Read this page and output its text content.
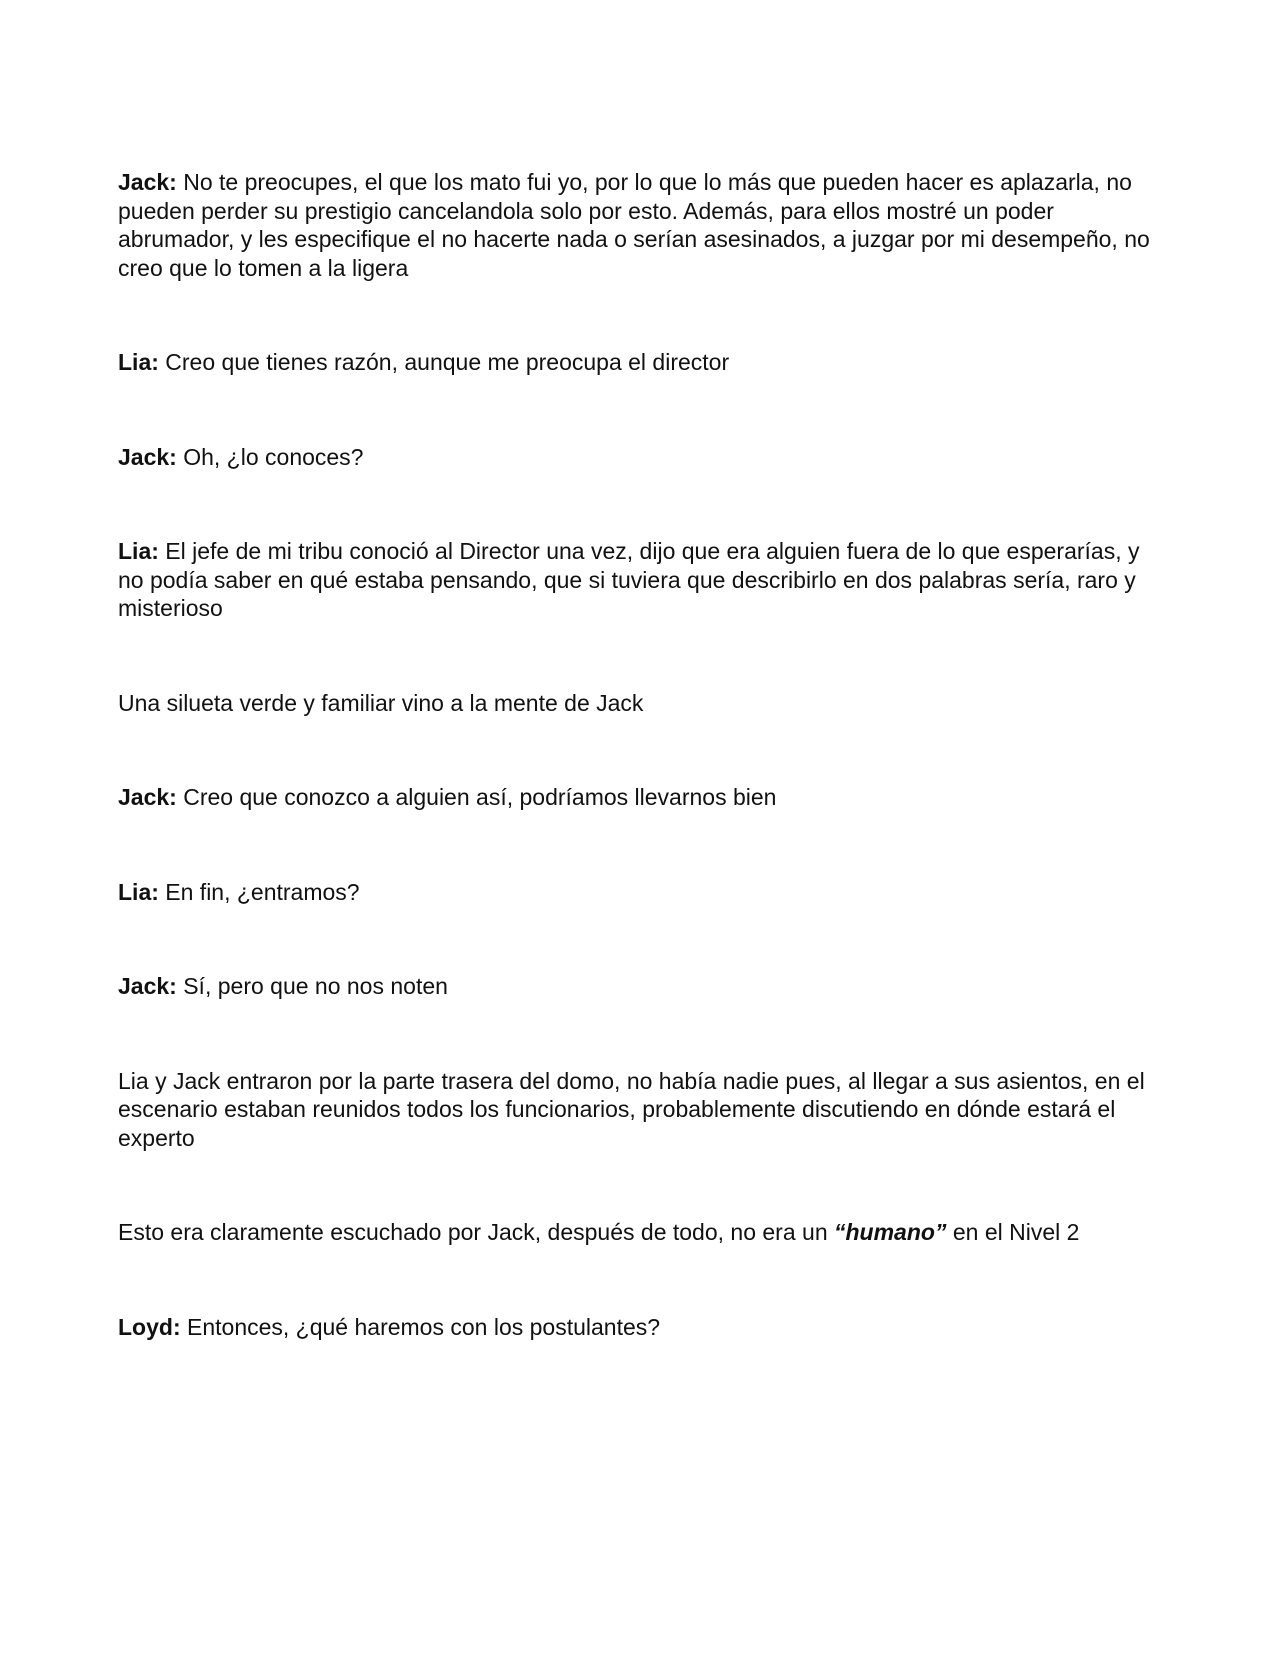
Jack: No te preocupes, el que los mato fui yo, por lo que lo más que pueden hacer es aplazarla, no pueden perder su prestigio cancelandola solo por esto. Además, para ellos mostré un poder abrumador, y les especifique el no hacerte nada o serían asesinados, a juzgar por mi desempeño, no creo que lo tomen a la ligera

Lia: Creo que tienes razón, aunque me preocupa el director

Jack: Oh, ¿lo conoces?

Lia: El jefe de mi tribu conoció al Director una vez, dijo que era alguien fuera de lo que esperarías, y no podía saber en qué estaba pensando, que si tuviera que describirlo en dos palabras sería, raro y misterioso

Una silueta verde y familiar vino a la mente de Jack

Jack: Creo que conozco a alguien así, podríamos llevarnos bien

Lia: En fin, ¿entramos?

Jack: Sí, pero que no nos noten

Lia y Jack entraron por la parte trasera del domo, no había nadie pues, al llegar a sus asientos, en el escenario estaban reunidos todos los funcionarios, probablemente discutiendo en dónde estará el experto

Esto era claramente escuchado por Jack, después de todo, no era un “humano” en el Nivel 2

Loyd: Entonces, ¿qué haremos con los postulantes?
